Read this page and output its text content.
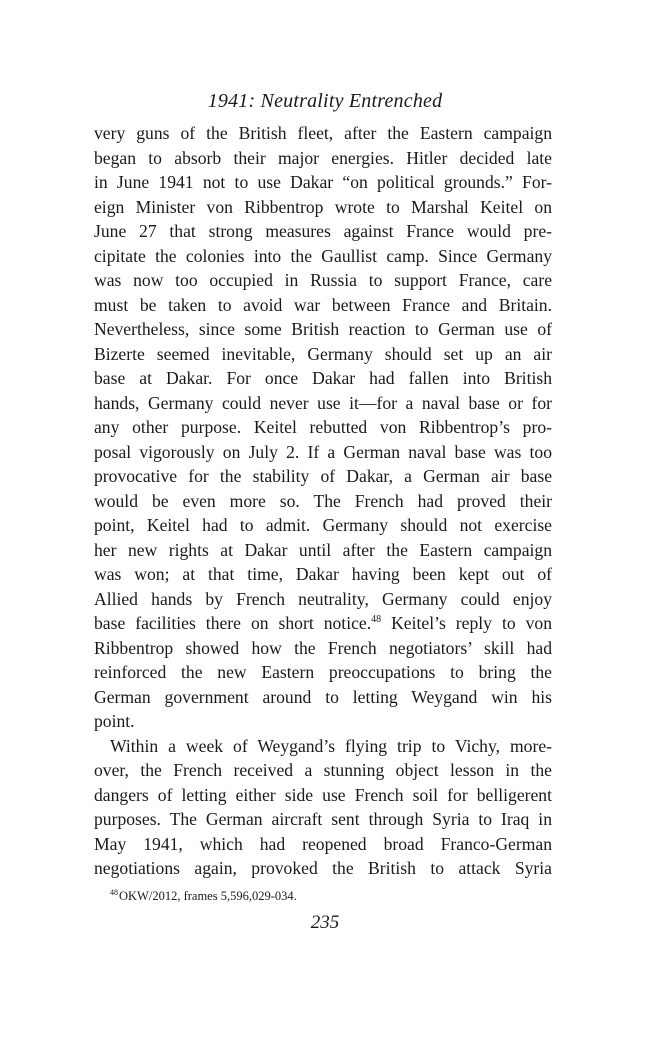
1941: Neutrality Entrenched
very guns of the British fleet, after the Eastern campaign
began to absorb their major energies. Hitler decided late
in June 1941 not to use Dakar “on political grounds.” For-
eign Minister von Ribbentrop wrote to Marshal Keitel on
June 27 that strong measures against France would pre-
cipitate the colonies into the Gaullist camp. Since Germany
was now too occupied in Russia to support France, care
must be taken to avoid war between France and Britain.
Nevertheless, since some British reaction to German use of
Bizerte seemed inevitable, Germany should set up an air
base at Dakar. For once Dakar had fallen into British
hands, Germany could never use it—for a naval base or for
any other purpose. Keitel rebutted von Ribbentrop’s pro-
posal vigorously on July 2. If a German naval base was too
provocative for the stability of Dakar, a German air base
would be even more so. The French had proved their
point, Keitel had to admit. Germany should not exercise
her new rights at Dakar until after the Eastern campaign
was won; at that time, Dakar having been kept out of
Allied hands by French neutrality, Germany could enjoy
base facilities there on short notice.$^{48}$ Keitel’s reply to von
Ribbentrop showed how the French negotiators’ skill had
reinforced the new Eastern preoccupations to bring the
German government around to letting Weygand win his
point.
Within a week of Weygand’s flying trip to Vichy, more-
over, the French received a stunning object lesson in the
dangers of letting either side use French soil for belligerent
purposes. The German aircraft sent through Syria to Iraq in
May 1941, which had reopened broad Franco-German
negotiations again, provoked the British to attack Syria
$^{48}$OKW/2012, frames 5,596,029-034.
235
